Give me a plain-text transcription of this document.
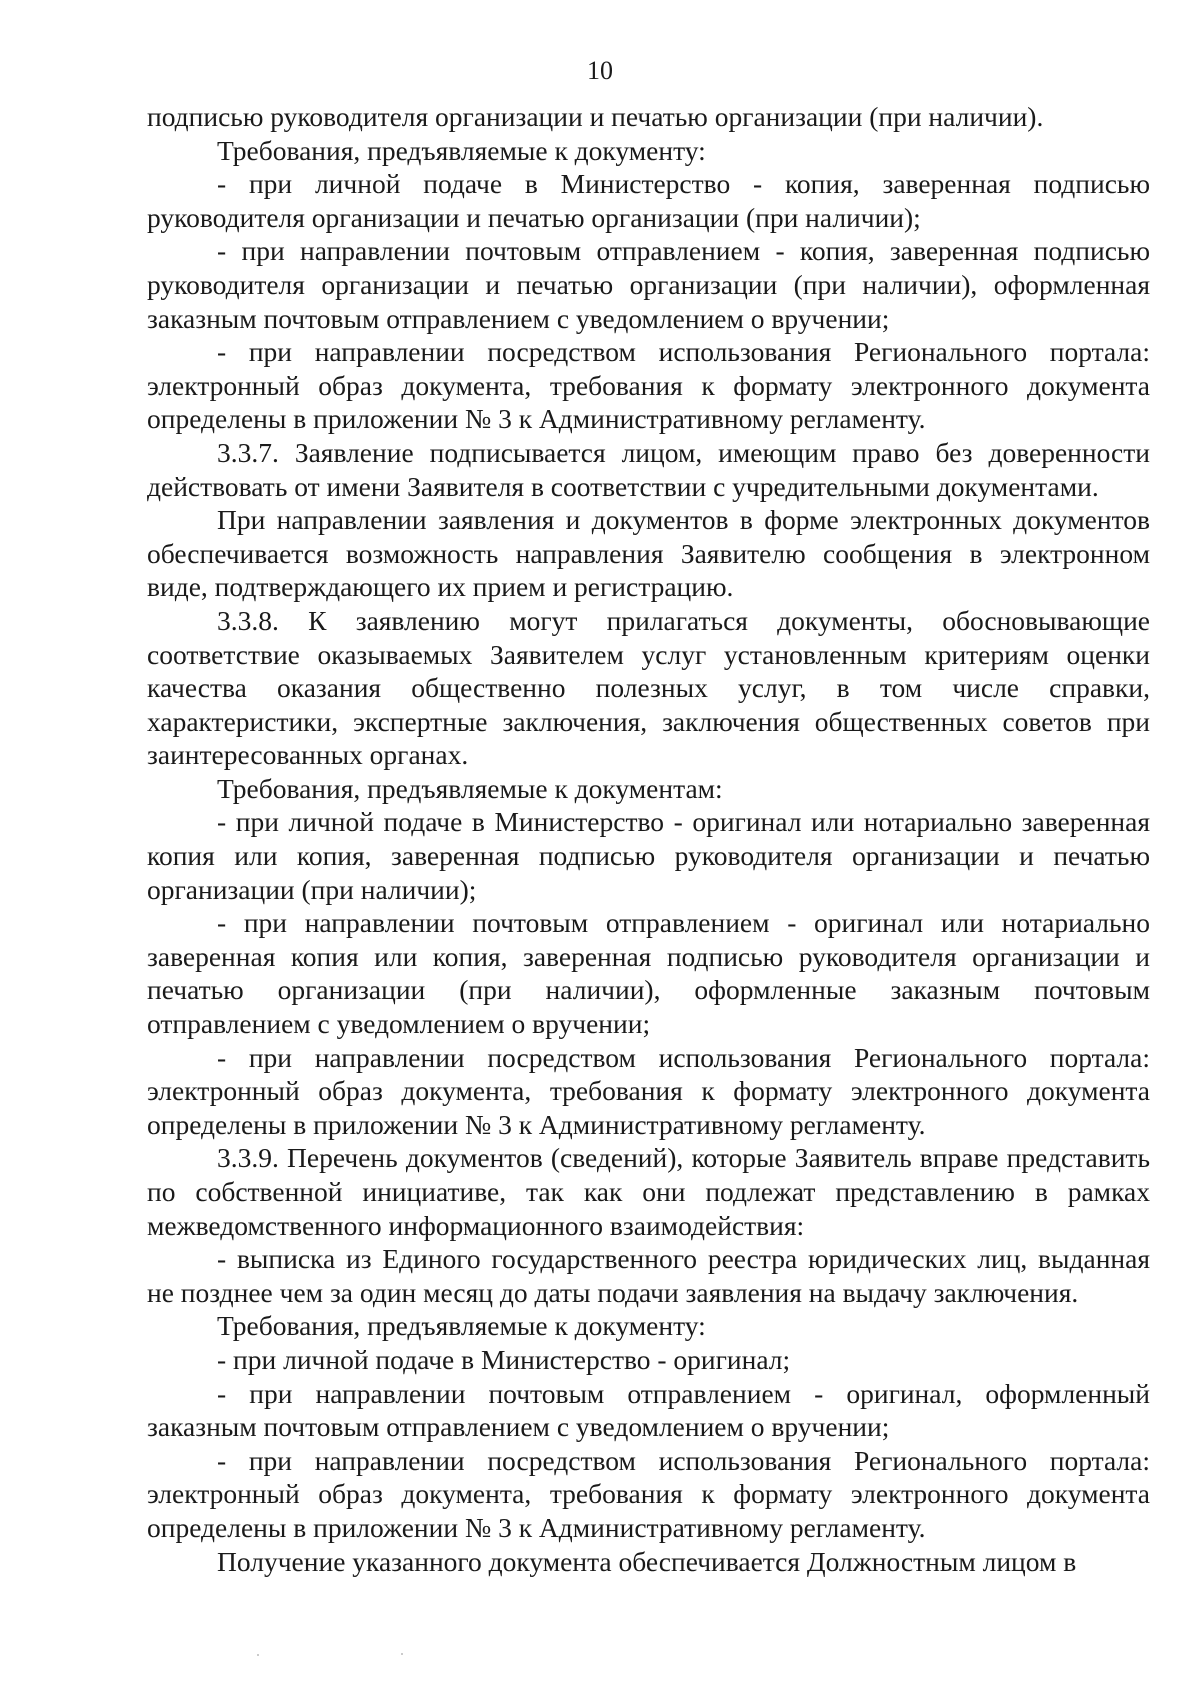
10

подписью руководителя организации и печатью организации (при наличии).

Требования, предъявляемые к документу:

- при личной подаче в Министерство - копия, заверенная подписью руководителя организации и печатью организации (при наличии);

- при направлении почтовым отправлением - копия, заверенная подписью руководителя организации и печатью организации (при наличии), оформленная заказным почтовым отправлением с уведомлением о вручении;

- при направлении посредством использования Регионального портала: электронный образ документа, требования к формату электронного документа определены в приложении № 3 к Административному регламенту.

3.3.7. Заявление подписывается лицом, имеющим право без доверенности действовать от имени Заявителя в соответствии с учредительными документами.

При направлении заявления и документов в форме электронных документов обеспечивается возможность направления Заявителю сообщения в электронном виде, подтверждающего их прием и регистрацию.

3.3.8. К заявлению могут прилагаться документы, обосновывающие соответствие оказываемых Заявителем услуг установленным критериям оценки качества оказания общественно полезных услуг, в том числе справки, характеристики, экспертные заключения, заключения общественных советов при заинтересованных органах.

Требования, предъявляемые к документам:

- при личной подаче в Министерство - оригинал или нотариально заверенная копия или копия, заверенная подписью руководителя организации и печатью организации (при наличии);

- при направлении почтовым отправлением - оригинал или нотариально заверенная копия или копия, заверенная подписью руководителя организации и печатью организации (при наличии), оформленные заказным почтовым отправлением с уведомлением о вручении;

- при направлении посредством использования Регионального портала: электронный образ документа, требования к формату электронного документа определены в приложении № 3 к Административному регламенту.

3.3.9. Перечень документов (сведений), которые Заявитель вправе представить по собственной инициативе, так как они подлежат представлению в рамках межведомственного информационного взаимодействия:

- выписка из Единого государственного реестра юридических лиц, выданная не позднее чем за один месяц до даты подачи заявления на выдачу заключения.

Требования, предъявляемые к документу:

- при личной подаче в Министерство - оригинал;

- при направлении почтовым отправлением - оригинал, оформленный заказным почтовым отправлением с уведомлением о вручении;

- при направлении посредством использования Регионального портала: электронный образ документа, требования к формату электронного документа определены в приложении № 3 к Административному регламенту.

Получение указанного документа обеспечивается Должностным лицом в
